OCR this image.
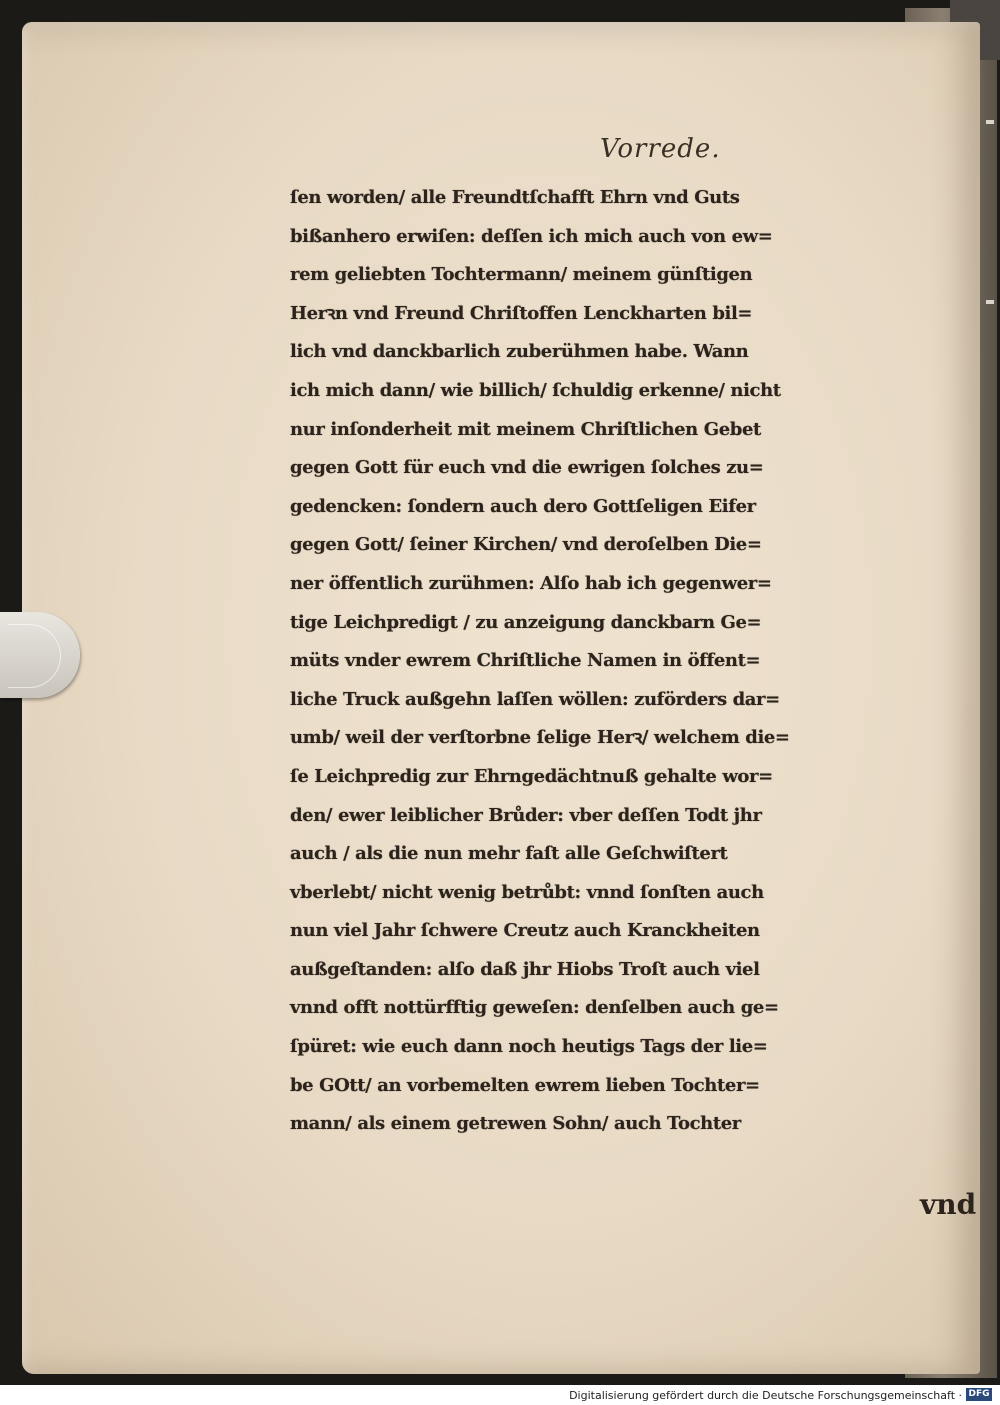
Vorrede.
ſen worden/ alle Freundtſchafft Ehrn vnd Guts
bißanhero erwiſen: deſſen ich mich auch von ew=
rem geliebten Tochtermann/ meinem günſtigen
Herꝛn vnd Freund Chriſtoffen Lenckharten bil=
lich vnd danckbarlich zuberühmen habe. Wann
ich mich dann/ wie billich/ ſchuldig erkenne/ nicht
nur inſonderheit mit meinem Chriſtlichen Gebet
gegen Gott für euch vnd die ewrigen ſolches zu=
gedencken: ſondern auch dero Gottſeligen Eifer
gegen Gott/ ſeiner Kirchen/ vnd deroſelben Die=
ner öffentlich zurühmen: Alſo hab ich gegenwer=
tige Leichpredigt / zu anzeigung danckbarn Ge=
müts vnder ewrem Chriſtliche Namen in öffent=
liche Truck außgehn laſſen wöllen: zuförders dar=
umb/ weil der verſtorbne ſelige Herꝛ/ welchem die=
ſe Leichpredig zur Ehrngedächtnuß gehalte wor=
den/ ewer leiblicher Brůder: vber deſſen Todt jhr
auch / als die nun mehr faſt alle Geſchwiſtert
vberlebt/ nicht wenig betrůbt: vnnd ſonſten auch
nun viel Jahr ſchwere Creutz auch Kranckheiten
außgeſtanden: alſo daß jhr Hiobs Troſt auch viel
vnnd offt nottürfftig geweſen: denſelben auch ge=
ſpüret: wie euch dann noch heutigs Tags der lie=
be GOtt/ an vorbemelten ewrem lieben Tochter=
mann/ als einem getrewen Sohn/ auch Tochter
vnd
Digitalisierung gefördert durch die Deutsche Forschungsgemeinschaft · DFG
